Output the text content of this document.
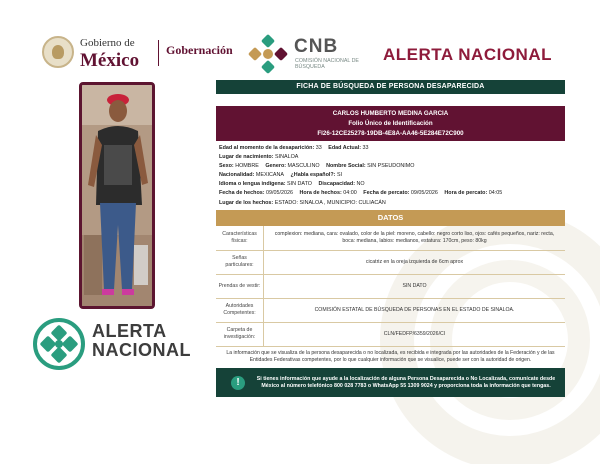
Gobierno de
México Gobernación	CNB
COMISIÓN NACIONAL DE BÚSQUEDA
ALERTA NACIONAL
ALERTA
NACIONAL
FICHA DE BÚSQUEDA DE PERSONA DESAPARECIDA
CARLOS HUMBERTO MEDINA GARCIA
Folio Único de Identificación
FI26-12CE25278-19DB-4E8A-AA46-5E284E72C900
Edad al momento de la desaparición: 33 Edad Actual: 33
Lugar de nacimiento: SINALOA
Sexo: HOMBRE Genero: MASCULINO Nombre Social: SIN PSEUDONIMO
Nacionalidad: MEXICANA ¿Habla español?: SI
Idioma o lengua indígena: SIN DATO Discapacidad: NO
Fecha de hechos: 09/05/2026 Hora de hechos: 04:00 Fecha de percato: 09/05/2026 Hora de percato: 04:05
Lugar de los hechos: ESTADO: SINALOA , MUNICIPIO: CULIACÁN
DATOS
Características físicas:
complexion: mediana, cara: ovalado, color de la piel: moreno, cabello: negro corto liso, ojos: cafés pequeños, nariz: recta, boca: mediana, labios: medianos, estatura: 170cm, peso: 80kg
Señas particulares:
cicatriz en la oreja izquierda de 6cm aprox
Prendas de vestir:	SIN DATO
Autoridades Competentes:
COMISIÓN ESTATAL DE BÚSQUEDA DE PERSONAS EN EL ESTADO DE SINALOA.
Carpeta de investigación:
CLN/FEDFP/6359/2026/CI
La información que se visualiza de la persona desaparecida o no localizada, es recibida e integrada por las autoridades de la Federación y de las Entidades Federativas competentes, por lo que cualquier información que se visualice, puede ser con la autoridad de origen.
!	Si tienes información que ayude a la localización de alguna Persona Desaparecida o No Localizada, comunícate desde México al número telefónico 800 028 7783 o WhatsApp 55 1309 9024 y proporciona toda la información que tengas.
